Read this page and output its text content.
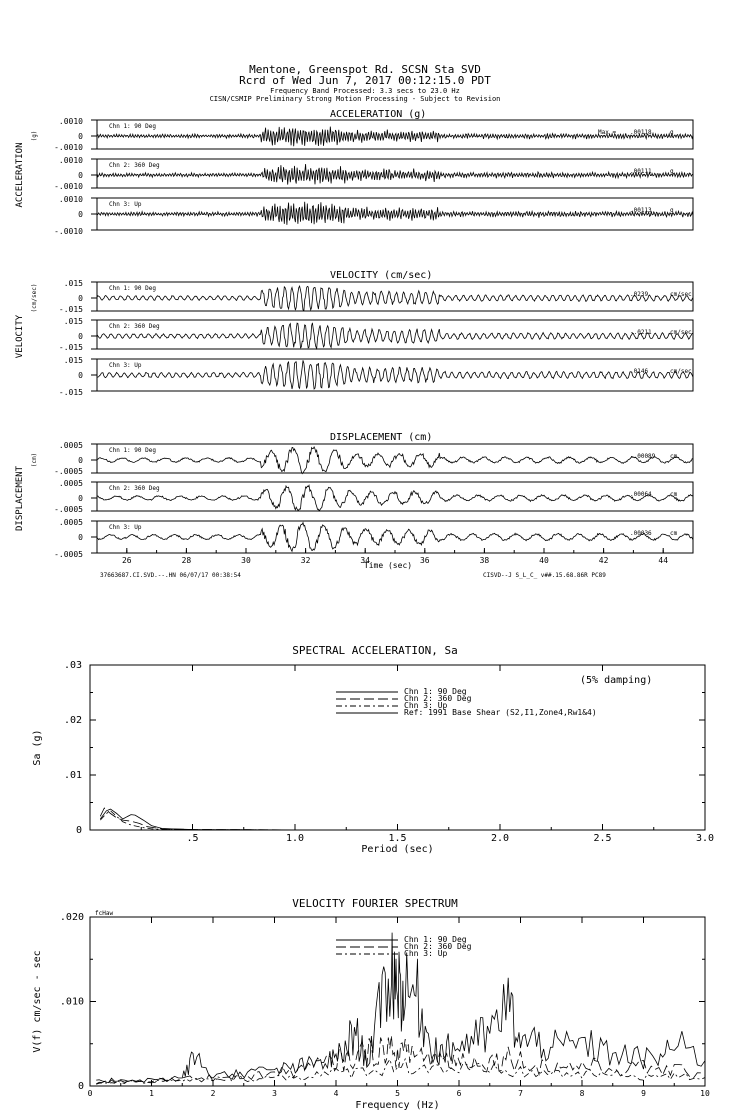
Mentone, Greenspot Rd. SCSN Sta SVD
Rcrd of Wed Jun 7, 2017 00:12:15.0 PDT
Frequency Band Processed: 3.3 secs to 23.0 Hz
CISN/CSMIP Preliminary Strong Motion Processing - Subject to Revision
ACCELERATION (g)
ACCELERATION
(g)
.0010
0
-.0010
Chn 1: 90 Deg
Max = .00118	g
.0010
0
-.0010
Chn 2: 360 Deg
.00111	g
.0010
0
-.0010
Chn 3: Up
.00113	g
VELOCITY (cm/sec)
VELOCITY
(cm/sec)
.015
0
-.015
Chn 1: 90 Deg
.0239	cm/sec
.015
0
-.015
Chn 2: 360 Deg
-.0211	cm/sec
.015
0
-.015
Chn 3: Up
.0146	cm/sec
DISPLACEMENT (cm)
DISPLACEMENT
(cm)
.0005
0
-.0005
Chn 1: 90 Deg
-.00089 cm
.0005
0
-.0005
Chn 2: 360 Deg
.00064	cm
.0005
0
-.0005
Chn 3: Up
.00036	cm
Time (sec)
37663687.CI.SVD.--.HN 06/07/17 00:38:54	CISVD--J S_L_C_ v##.15.68.86R PC89
26	28	30	32	34	36	38	40	42	44
SPECTRAL ACCELERATION, Sa
.03
.02
.01
0
.5	1.0	1.5	2.0	2.5	3.0
Period (sec)
Sa (g)
(5% damping)
Chn 1: 90 Deg
Chn 2: 360 Deg
Chn 3: Up
Ref: 1991 Base Shear (S2,I1,Zone4,Rw1&4)
VELOCITY FOURIER SPECTRUM
fcHaw
.020
.010
0
0	1	2	3	4	5	6	7	8	9	10
Frequency (Hz)
V(f) cm/sec - sec
Chn 1: 90 Deg
Chn 2: 360 Deg
Chn 3: Up
